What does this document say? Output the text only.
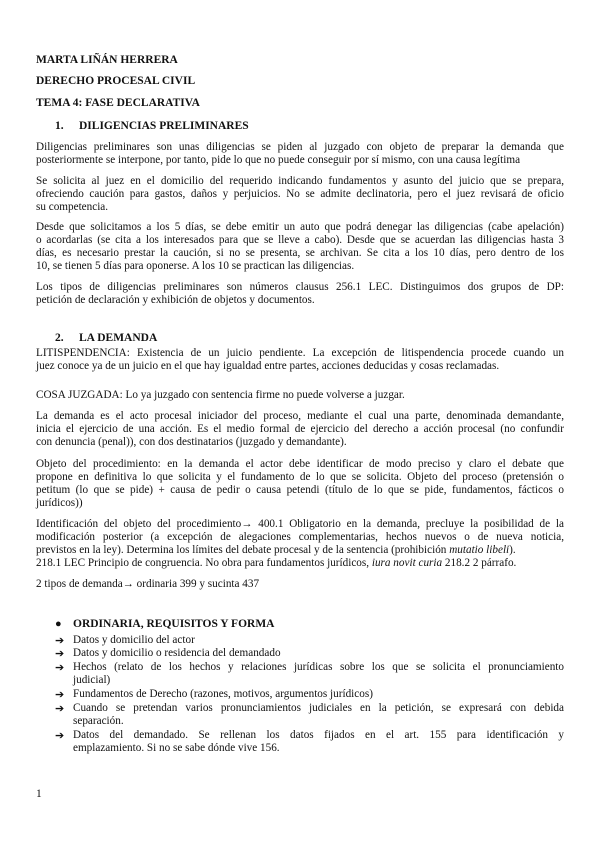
MARTA LIÑÁN HERRERA
DERECHO PROCESAL CIVIL
TEMA 4: FASE DECLARATIVA
1. DILIGENCIAS PRELIMINARES
Diligencias preliminares son unas diligencias se piden al juzgado con objeto de preparar la demanda que
posteriormente se interpone, por tanto, pide lo que no puede conseguir por sí mismo, con una causa legítima
Se solicita al juez en el domicilio del requerido indicando fundamentos y asunto del juicio que se prepara,
ofreciendo caución para gastos, daños y perjuicios. No se admite declinatoria, pero el juez revisará de oficio
su competencia.
Desde que solicitamos a los 5 días, se debe emitir un auto que podrá denegar las diligencias (cabe apelación)
o acordarlas (se cita a los interesados para que se lleve a cabo). Desde que se acuerdan las diligencias hasta 3
días, es necesario prestar la caución, si no se presenta, se archivan. Se cita a los 10 días, pero dentro de los
10, se tienen 5 días para oponerse. A los 10 se practican las diligencias.
Los tipos de diligencias preliminares son números clausus 256.1 LEC. Distinguimos dos grupos de DP:
petición de declaración y exhibición de objetos y documentos.
2. LA DEMANDA
LITISPENDENCIA: Existencia de un juicio pendiente. La excepción de litispendencia procede cuando un
juez conoce ya de un juicio en el que hay igualdad entre partes, acciones deducidas y cosas reclamadas.
COSA JUZGADA: Lo ya juzgado con sentencia firme no puede volverse a juzgar.
La demanda es el acto procesal iniciador del proceso, mediante el cual una parte, denominada demandante,
inicia el ejercicio de una acción. Es el medio formal de ejercicio del derecho a acción procesal (no confundir
con denuncia (penal)), con dos destinatarios (juzgado y demandante).
Objeto del procedimiento: en la demanda el actor debe identificar de modo preciso y claro el debate que
propone en definitiva lo que solicita y el fundamento de lo que se solicita. Objeto del proceso (pretensión o
petitum (lo que se pide) + causa de pedir o causa petendi (título de lo que se pide, fundamentos, fácticos o
jurídicos))
Identificación del objeto del procedimiento→ 400.1 Obligatorio en la demanda, precluye la posibilidad de la
modificación posterior (a excepción de alegaciones complementarias, hechos nuevos o de nueva noticia,
previstos en la ley). Determina los límites del debate procesal y de la sentencia (prohibición mutatio libeli).
218.1 LEC Principio de congruencia. No obra para fundamentos jurídicos, iura novit curia 218.2 2 párrafo.
2 tipos de demanda→ ordinaria 399 y sucinta 437
● ORDINARIA, REQUISITOS Y FORMA
➔ Datos y domicilio del actor
➔ Datos y domicilio o residencia del demandado
➔ Hechos (relato de los hechos y relaciones jurídicas sobre los que se solicita el pronunciamiento
judicial)
➔ Fundamentos de Derecho (razones, motivos, argumentos jurídicos)
➔ Cuando se pretendan varios pronunciamientos judiciales en la petición, se expresará con debida
separación.
➔ Datos del demandado. Se rellenan los datos fijados en el art. 155 para identificación y
emplazamiento. Si no se sabe dónde vive 156.
1
